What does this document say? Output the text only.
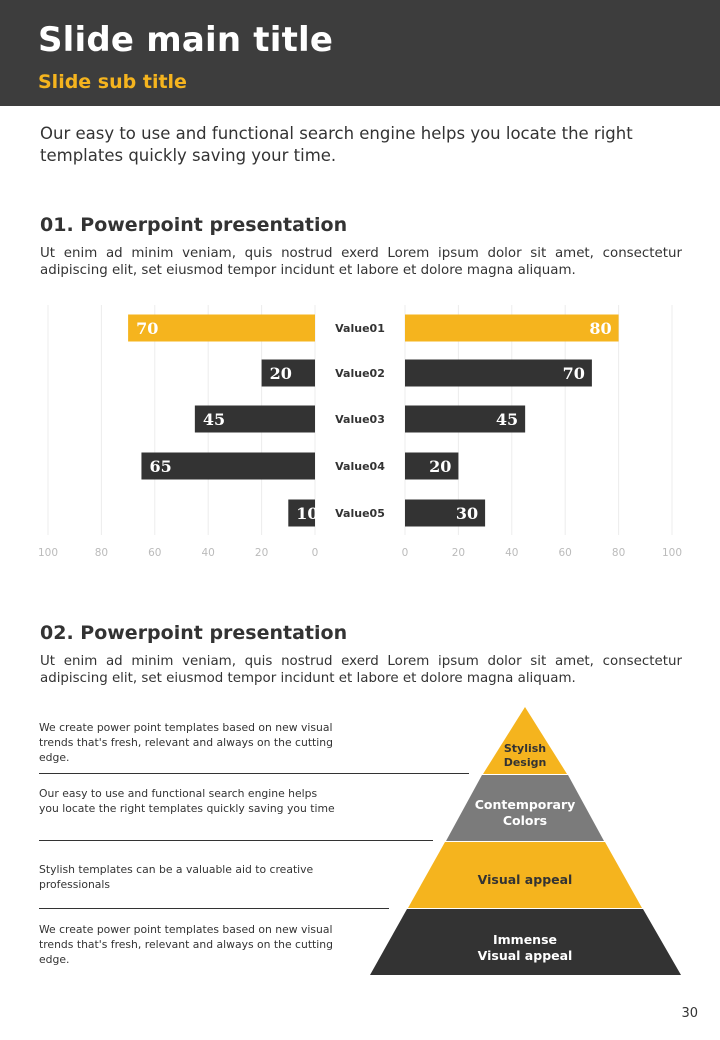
Slide main title
Slide sub title

Our easy to use and functional search engine helps you locate the right templates quickly saving your time.

01. Powerpoint presentation

Ut enim ad minim veniam, quis nostrud exerd Lorem ipsum dolor sit amet, consectetur adipiscing elit, set eiusmod tempor incidunt et labore et dolore magna aliquam.

100	80	60	40	20	0	0	20	40	60	80	100
70	80
Value01
20	70
Value02
45	45
Value03
65	20
Value04
10	30
Value05
02. Powerpoint presentation

Ut enim ad minim veniam, quis nostrud exerd Lorem ipsum dolor sit amet, consectetur adipiscing elit, set eiusmod tempor incidunt et labore et dolore magna aliquam.

We create power point templates based on new visual trends that's fresh, relevant and always on the cutting edge.

Our easy to use and functional search engine helps you locate the right templates quickly saving you time

Stylish templates can be a valuable aid to creative professionals

We create power point templates based on new visual trends that's fresh, relevant and always on the cutting edge.

Stylish
Design

Contemporary
Colors

Visual appeal

Immense
Visual appeal

30
